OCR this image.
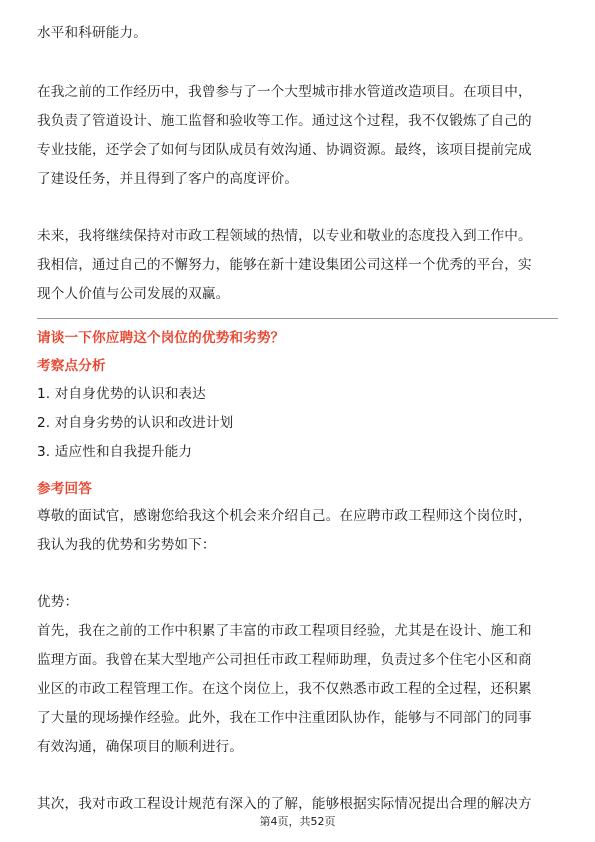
水平和科研能力。
在我之前的工作经历中，我曾参与了一个大型城市排水管道改造项目。在项目中，
我负责了管道设计、施工监督和验收等工作。通过这个过程，我不仅锻炼了自己的
专业技能，还学会了如何与团队成员有效沟通、协调资源。最终，该项目提前完成
了建设任务，并且得到了客户的高度评价。
未来，我将继续保持对市政工程领域的热情，以专业和敬业的态度投入到工作中。
我相信，通过自己的不懈努力，能够在新十建设集团公司这样一个优秀的平台，实
现个人价值与公司发展的双赢。
请谈一下你应聘这个岗位的优势和劣势？
考察点分析
1. 对自身优势的认识和表达
2. 对自身劣势的认识和改进计划
3. 适应性和自我提升能力
参考回答
尊敬的面试官，感谢您给我这个机会来介绍自己。在应聘市政工程师这个岗位时，
我认为我的优势和劣势如下：
优势：
首先，我在之前的工作中积累了丰富的市政工程项目经验，尤其是在设计、施工和
监理方面。我曾在某大型地产公司担任市政工程师助理，负责过多个住宅小区和商
业区的市政工程管理工作。在这个岗位上，我不仅熟悉市政工程的全过程，还积累
了大量的现场操作经验。此外，我在工作中注重团队协作，能够与不同部门的同事
有效沟通，确保项目的顺利进行。
其次，我对市政工程设计规范有深入的了解，能够根据实际情况提出合理的解决方
第4页，共52页
